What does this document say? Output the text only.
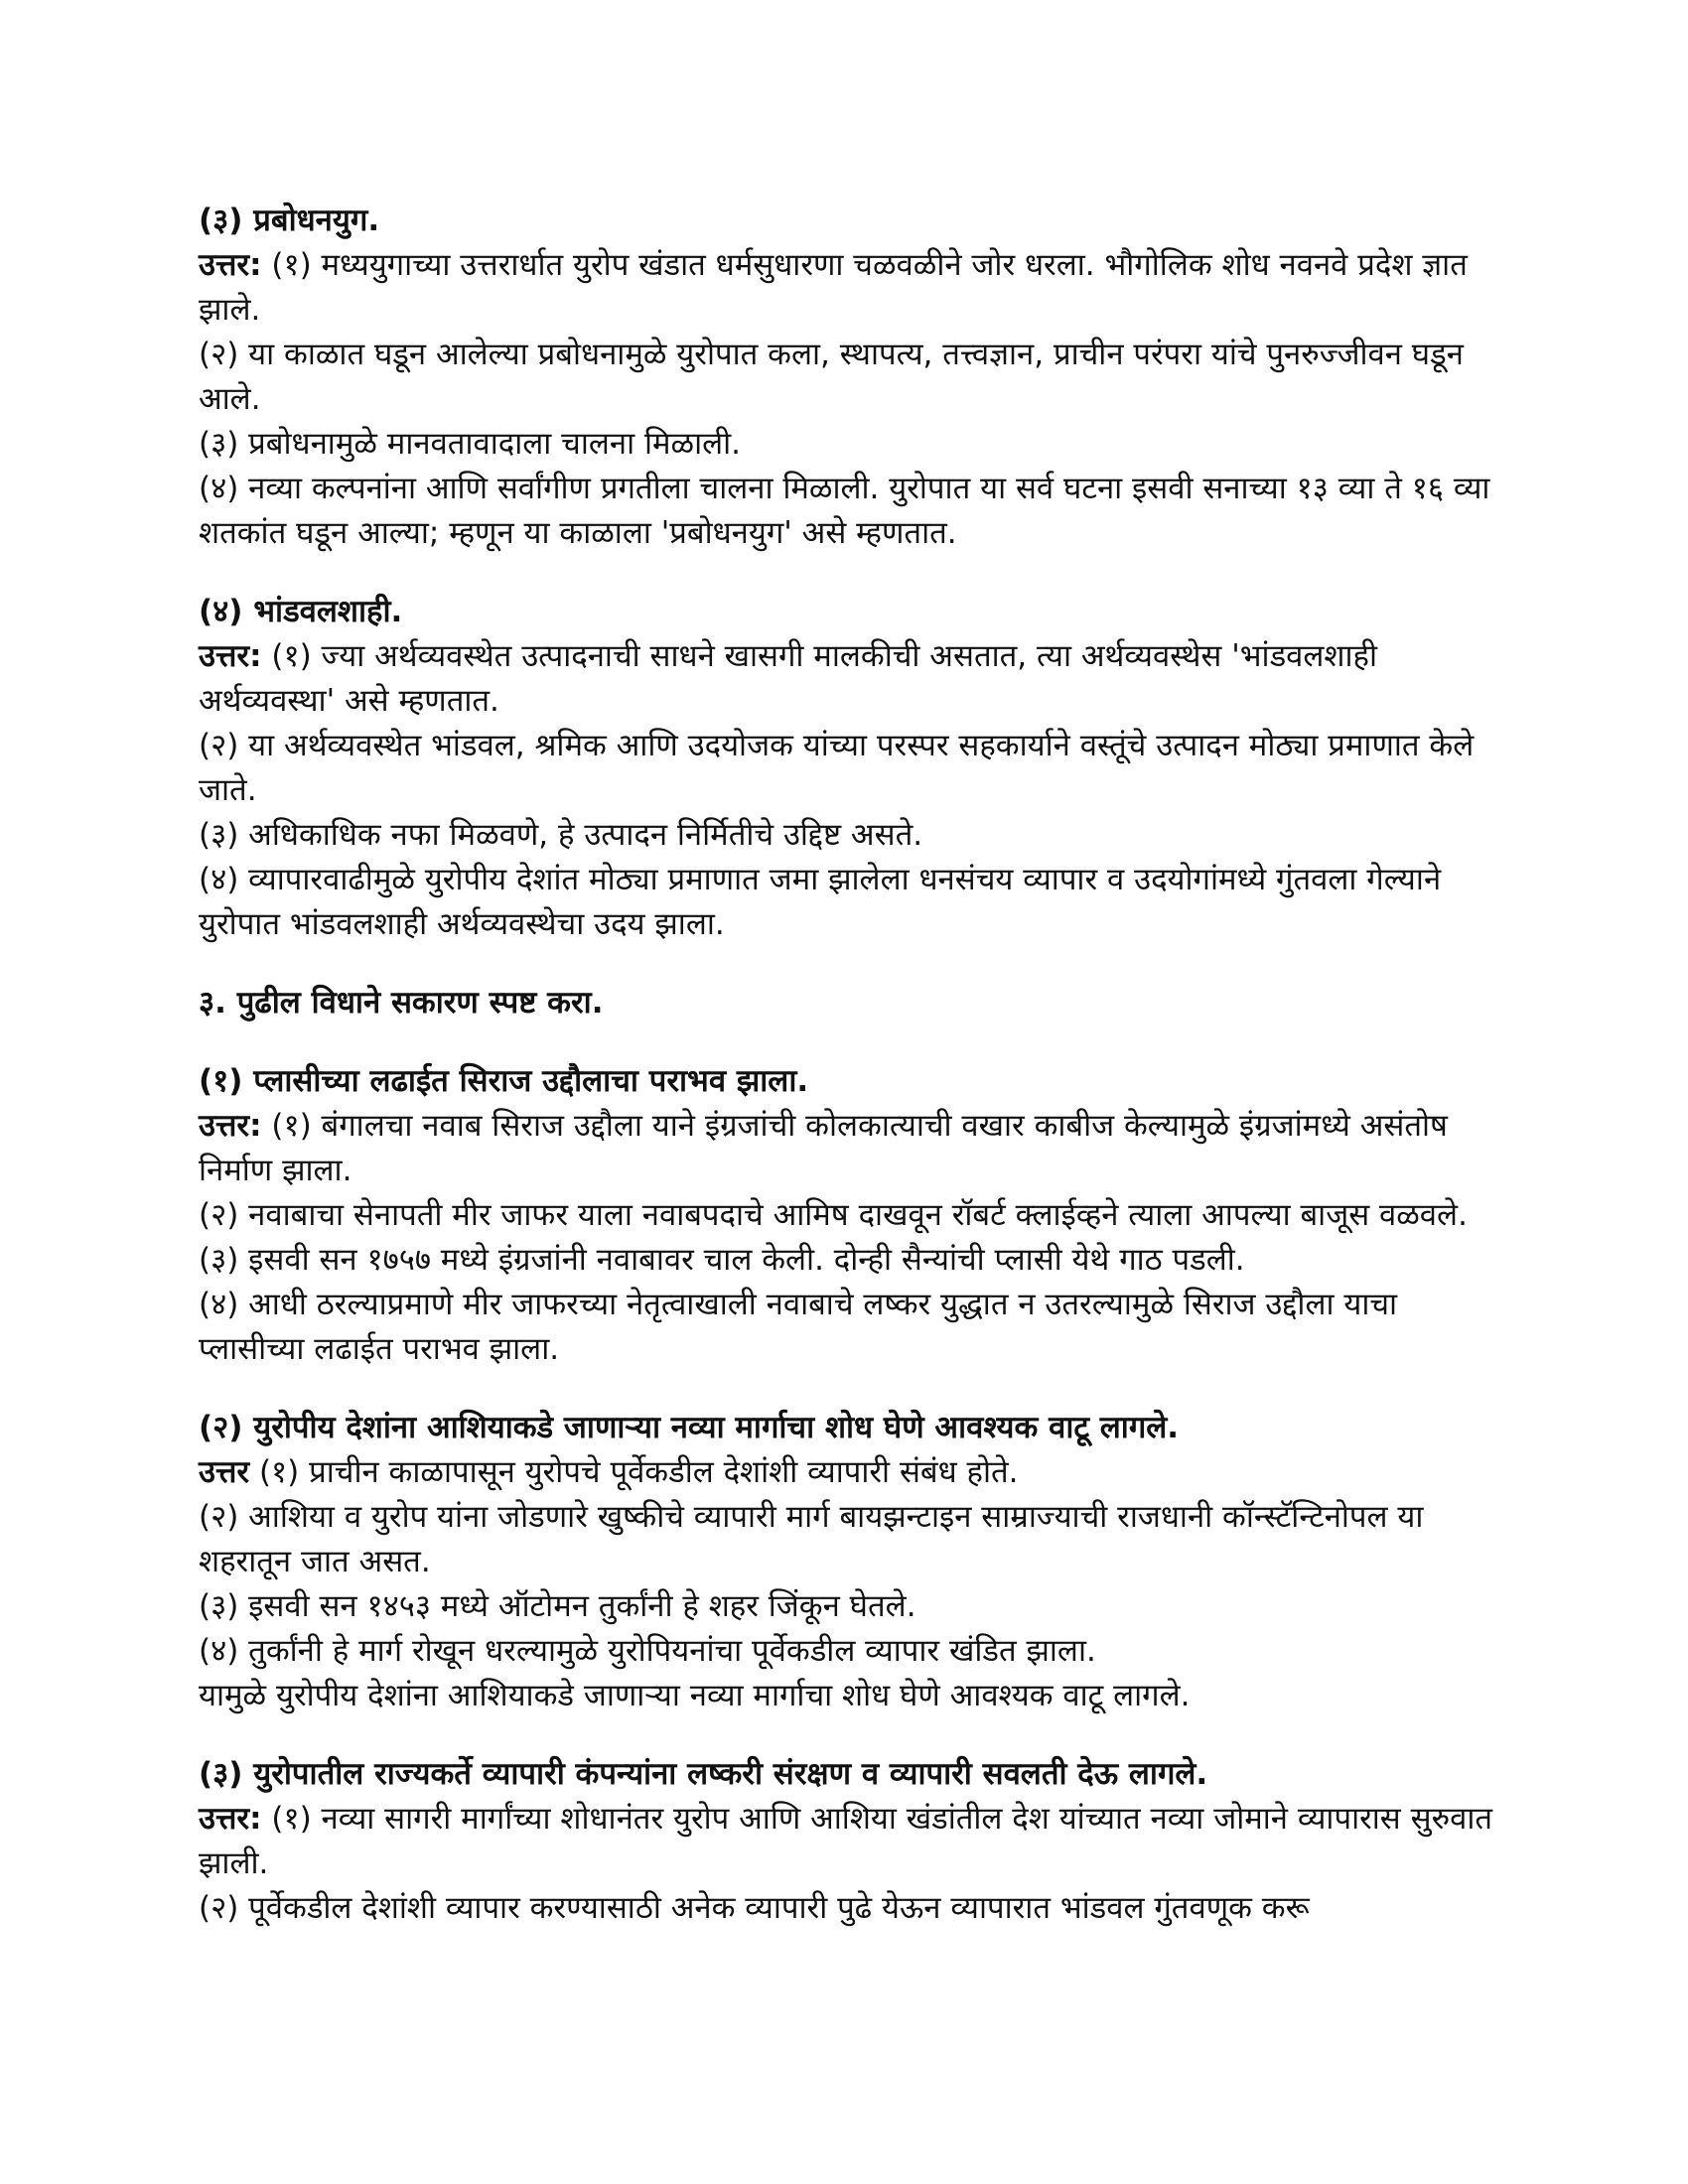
(३) प्रबोधनयुग.

उत्तर: (१) मध्ययुगाच्या उत्तरार्धात युरोप खंडात धर्मसुधारणा चळवळीने जोर धरला. भौगोलिक शोध नवनवे प्रदेश ज्ञात झाले.

(२) या काळात घडून आलेल्या प्रबोधनामुळे युरोपात कला, स्थापत्य, तत्त्वज्ञान, प्राचीन परंपरा यांचे पुनरुज्जीवन घडून आले.

(३) प्रबोधनामुळे मानवतावादाला चालना मिळाली.

(४) नव्या कल्पनांना आणि सर्वांगीण प्रगतीला चालना मिळाली. युरोपात या सर्व घटना इसवी सनाच्या १३ व्या ते १६ व्या शतकांत घडून आल्या; म्हणून या काळाला 'प्रबोधनयुग' असे म्हणतात.

(४) भांडवलशाही.

उत्तर: (१) ज्या अर्थव्यवस्थेत उत्पादनाची साधने खासगी मालकीची असतात, त्या अर्थव्यवस्थेस 'भांडवलशाही अर्थव्यवस्था' असे म्हणतात.

(२) या अर्थव्यवस्थेत भांडवल, श्रमिक आणि उदयोजक यांच्या परस्पर सहकार्याने वस्तूंचे उत्पादन मोठ्या प्रमाणात केले जाते.

(३) अधिकाधिक नफा मिळवणे, हे उत्पादन निर्मितीचे उद्दिष्ट असते.

(४) व्यापारवाढीमुळे युरोपीय देशांत मोठ्या प्रमाणात जमा झालेला धनसंचय व्यापार व उदयोगांमध्ये गुंतवला गेल्याने युरोपात भांडवलशाही अर्थव्यवस्थेचा उदय झाला.

३. पुढील विधाने सकारण स्पष्ट करा.

(१) प्लासीच्या लढाईत सिराज उद्दौलाचा पराभव झाला.

उत्तर: (१) बंगालचा नवाब सिराज उद्दौला याने इंग्रजांची कोलकात्याची वखार काबीज केल्यामुळे इंग्रजांमध्ये असंतोष निर्माण झाला.

(२) नवाबाचा सेनापती मीर जाफर याला नवाबपदाचे आमिष दाखवून रॉबर्ट क्लाईव्हने त्याला आपल्या बाजूस वळवले.

(३) इसवी सन १७५७ मध्ये इंग्रजांनी नवाबावर चाल केली. दोन्ही सैन्यांची प्लासी येथे गाठ पडली.

(४) आधी ठरल्याप्रमाणे मीर जाफरच्या नेतृत्वाखाली नवाबाचे लष्कर युद्धात न उतरल्यामुळे सिराज उद्दौला याचा प्लासीच्या लढाईत पराभव झाला.

(२) युरोपीय देशांना आशियाकडे जाणाऱ्या नव्या मार्गाचा शोध घेणे आवश्यक वाटू लागले.

उत्तर (१) प्राचीन काळापासून युरोपचे पूर्वेकडील देशांशी व्यापारी संबंध होते.

(२) आशिया व युरोप यांना जोडणारे खुष्कीचे व्यापारी मार्ग बायझन्टाइन साम्राज्याची राजधानी कॉन्स्टॅन्टिनोपल या शहरातून जात असत.

(३) इसवी सन १४५३ मध्ये ऑटोमन तुर्कांनी हे शहर जिंकून घेतले.

(४) तुर्कांनी हे मार्ग रोखून धरल्यामुळे युरोपियनांचा पूर्वेकडील व्यापार खंडित झाला.

यामुळे युरोपीय देशांना आशियाकडे जाणाऱ्या नव्या मार्गाचा शोध घेणे आवश्यक वाटू लागले.

(३) युरोपातील राज्यकर्ते व्यापारी कंपन्यांना लष्करी संरक्षण व व्यापारी सवलती देऊ लागले.

उत्तर: (१) नव्या सागरी मार्गांच्या शोधानंतर युरोप आणि आशिया खंडांतील देश यांच्यात नव्या जोमाने व्यापारास सुरुवात झाली.

(२) पूर्वेकडील देशांशी व्यापार करण्यासाठी अनेक व्यापारी पुढे येऊन व्यापारात भांडवल गुंतवणूक करू
